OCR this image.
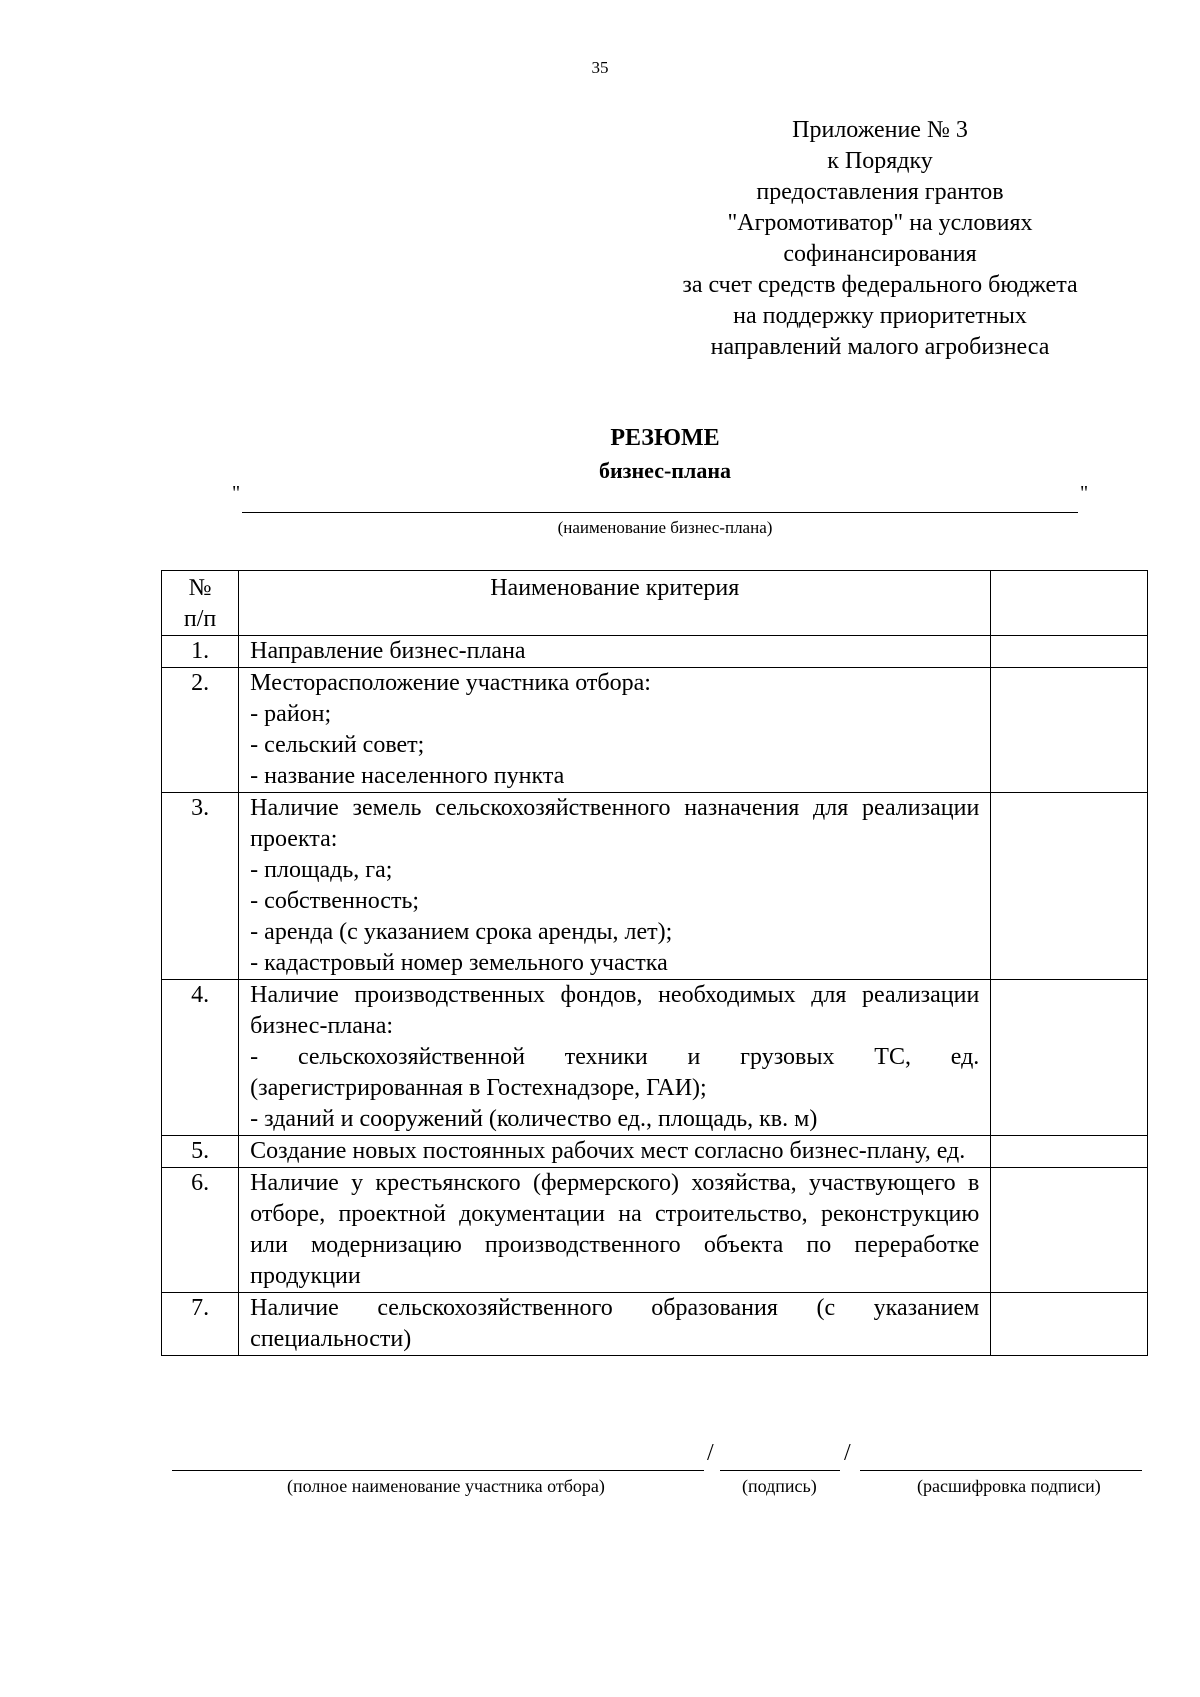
35
Приложение № 3
к Порядку
предоставления грантов
"Агромотиватор" на условиях
софинансирования
за счет средств федерального бюджета
на поддержку приоритетных
направлений малого агробизнеса
РЕЗЮМЕ
бизнес-плана
"	"
(наименование бизнес-плана)
№
п/п	Наименование критерия	

1.	Направление бизнес-плана	

2.	Месторасположение участника отбора:
- район;
- сельский совет;
- название населенного пункта	

3.	Наличие земель сельскохозяйственного назначения для реализации проекта:
- площадь, га;
- собственность;
- аренда (с указанием срока аренды, лет);
- кадастровый номер земельного участка	

4.	Наличие производственных фондов, необходимых для реализации бизнес-плана:
- сельскохозяйственной техники и грузовых ТС, ед. (зарегистрированная в Гостехнадзоре, ГАИ);
- зданий и сооружений (количество ед., площадь, кв. м)	

5.	Создание новых постоянных рабочих мест согласно бизнес-плану, ед.	

6.	Наличие у крестьянского (фермерского) хозяйства, участвующего в отборе, проектной документации на строительство, реконструкцию или модернизацию производственного объекта по переработке продукции	

7.	Наличие сельскохозяйственного образования (с указанием специальности)	

/	/
(полное наименование участника отбора)	(подпись)	(расшифровка подписи)
